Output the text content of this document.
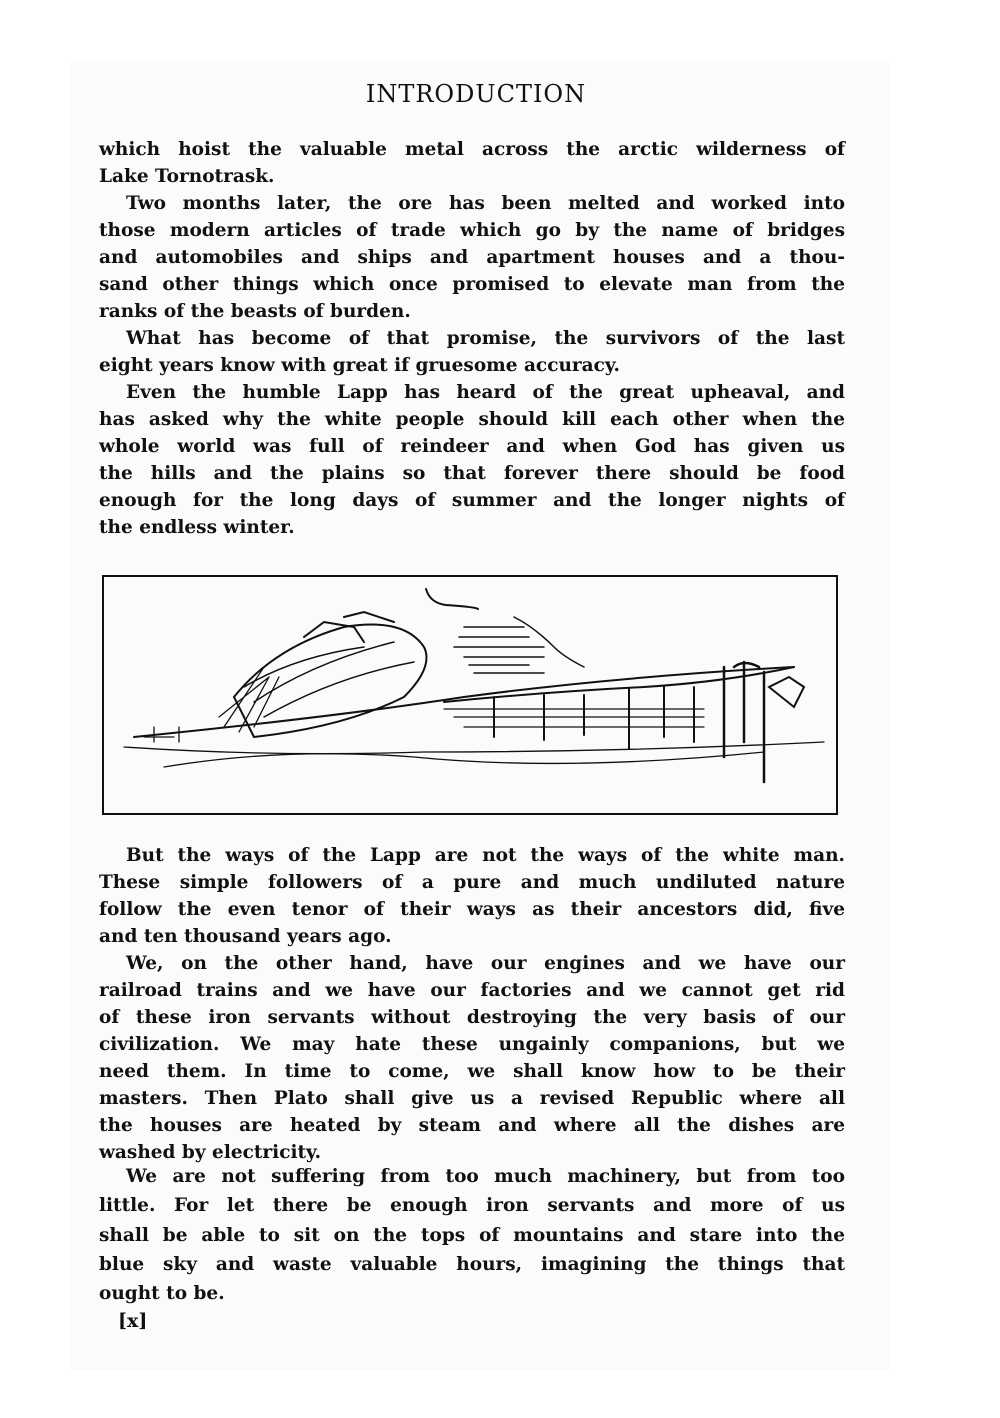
INTRODUCTION
which hoist the valuable metal across the arctic wilderness of
Lake Tornotrask.
Two months later, the ore has been melted and worked into
those modern articles of trade which go by the name of bridges
and automobiles and ships and apartment houses and a thou-
sand other things which once promised to elevate man from the
ranks of the beasts of burden.
What has become of that promise, the survivors of the last
eight years know with great if gruesome accuracy.
Even the humble Lapp has heard of the great upheaval, and
has asked why the white people should kill each other when the
whole world was full of reindeer and when God has given us
the hills and the plains so that forever there should be food
enough for the long days of summer and the longer nights of
the endless winter.
But the ways of the Lapp are not the ways of the white man.
These simple followers of a pure and much undiluted nature
follow the even tenor of their ways as their ancestors did, five
and ten thousand years ago.
We, on the other hand, have our engines and we have our
railroad trains and we have our factories and we cannot get rid
of these iron servants without destroying the very basis of our
civilization. We may hate these ungainly companions, but we
need them. In time to come, we shall know how to be their
masters. Then Plato shall give us a revised Republic where all
the houses are heated by steam and where all the dishes are
washed by electricity.
We are not suffering from too much machinery, but from too
little. For let there be enough iron servants and more of us
shall be able to sit on the tops of mountains and stare into the
blue sky and waste valuable hours, imagining the things that
ought to be.
[x]
